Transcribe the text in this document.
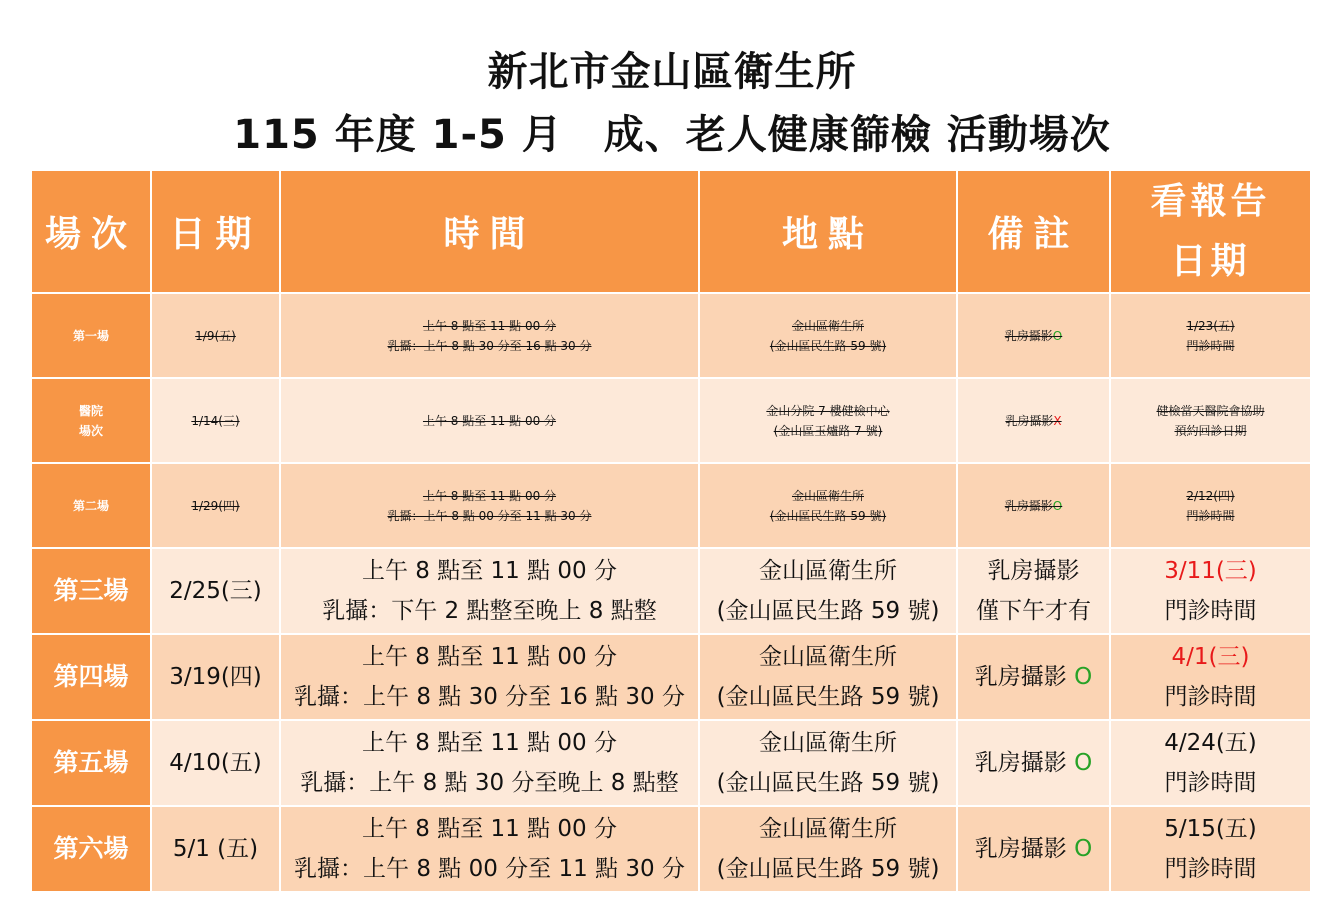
新北市金山區衛生所
115 年度 1-5 月　成、老人健康篩檢 活動場次
場次	日期	時間	地點	備註	看報告
日期

第一場	1/9(五)	上午 8 點至 11 點 00 分
乳攝：上午 8 點 30 分至 16 點 30 分	金山區衛生所
(金山區民生路 59 號)	乳房攝影O	1/23(五)
門診時間

醫院
場次	1/14(三)	上午 8 點至 11 點 00 分	金山分院 7 樓健檢中心
(金山區玉爐路 7 號)	乳房攝影X	健檢當天醫院會協助
預約回診日期

第二場	1/29(四)	上午 8 點至 11 點 00 分
乳攝：上午 8 點 00 分至 11 點 30 分	金山區衛生所
(金山區民生路 59 號)	乳房攝影O	2/12(四)
門診時間

第三場	2/25(三)	上午 8 點至 11 點 00 分
乳攝：下午 2 點整至晚上 8 點整	金山區衛生所
(金山區民生路 59 號)	乳房攝影
僅下午才有	3/11(三)
門診時間

第四場	3/19(四)	上午 8 點至 11 點 00 分
乳攝：上午 8 點 30 分至 16 點 30 分	金山區衛生所
(金山區民生路 59 號)	乳房攝影 O	4/1(三)
門診時間

第五場	4/10(五)	上午 8 點至 11 點 00 分
乳攝：上午 8 點 30 分至晚上 8 點整	金山區衛生所
(金山區民生路 59 號)	乳房攝影 O	4/24(五)
門診時間

第六場	5/1 (五)	上午 8 點至 11 點 00 分
乳攝：上午 8 點 00 分至 11 點 30 分	金山區衛生所
(金山區民生路 59 號)	乳房攝影 O	5/15(五)
門診時間
